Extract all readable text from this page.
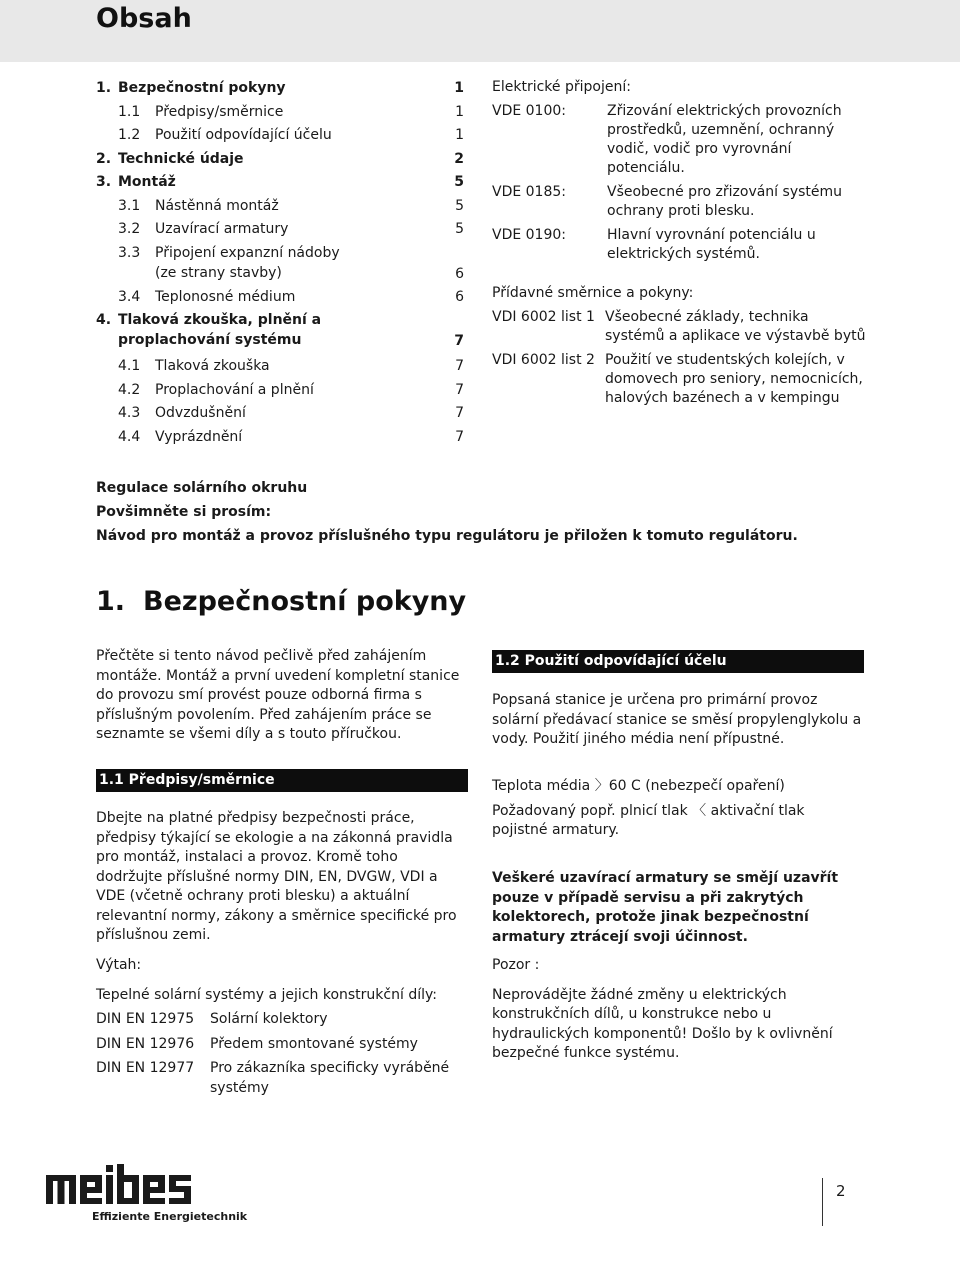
Obsah
1. Bezpečnostní pokyny	1
1.1 Předpisy/směrnice	1
1.2 Použití odpovídající účelu	1
2. Technické údaje	2
3. Montáž	5
3.1 Nástěnná montáž	5
3.2 Uzavírací armatury	5
3.3 Připojení expanzní nádoby (ze strany stavby)	6
3.4 Teplonosné médium	6
4. Tlaková zkouška, plnění a proplachování systému	7
4.1 Tlaková zkouška	7
4.2 Proplachování a plnění	7
4.3 Odvzdušnění	7
4.4 Vyprázdnění	7
Elektrické připojení:
VDE 0100:	Zřizování elektrických provozních prostředků, uzemnění, ochranný vodič, vodič pro vyrovnání potenciálu.
VDE 0185:	Všeobecné pro zřizování systému ochrany proti blesku.
VDE 0190:	Hlavní vyrovnání potenciálu u elektrických systémů.
Přídavné směrnice a pokyny:
VDI 6002 list 1 Všeobecné základy, technika systémů a aplikace ve výstavbě bytů
VDI 6002 list 2 Použití ve studentských kolejích, v domovech pro seniory, nemocnicích, halových bazénech a v kempingu
Regulace solárního okruhu
Povšimněte si prosím:
Návod pro montáž a provoz příslušného typu regulátoru je přiložen k tomuto regulátoru.
1. Bezpečnostní pokyny
Přečtěte si tento návod pečlivě před zahájením montáže. Montáž a první uvedení kompletní stanice do provozu smí provést pouze odborná firma s příslušným povolením. Před zahájením práce se seznamte se všemi díly a s touto příručkou.
1.2 Použití odpovídající účelu
Popsaná stanice je určena pro primární provoz solární předávací stanice se směsí propylenglykolu a vody. Použití jiného média není přípustné.
1.1 Předpisy/směrnice
Dbejte na platné předpisy bezpečnosti práce, předpisy týkající se ekologie a na zákonná pravidla pro montáž, instalaci a provoz. Kromě toho dodržujte příslušné normy DIN, EN, DVGW, VDI a VDE (včetně ochrany proti blesku) a aktuální relevantní normy, zákony a směrnice specifické pro příslušnou zemi.
Teplota média 〉60 C (nebezpečí opaření)
Požadovaný popř. plnicí tlak 〈 aktivační tlak pojistné armatury.
Veškeré uzavírací armatury se smějí uzavřít pouze v případě servisu a při zakrytých kolektorech, protože jinak bezpečnostní armatury ztrácejí svoji účinnost.
Výtah:
Tepelné solární systémy a jejich konstrukční díly:
DIN EN 12975 Solární kolektory
DIN EN 12976 Předem smontované systémy
DIN EN 12977 Pro zákazníka specificky vyráběné systémy
Pozor :
Neprovádějte žádné změny u elektrických konstrukčních dílů, u konstrukce nebo u hydraulických komponentů! Došlo by k ovlivnění bezpečné funkce systému.
Effiziente Energietechnik
2
